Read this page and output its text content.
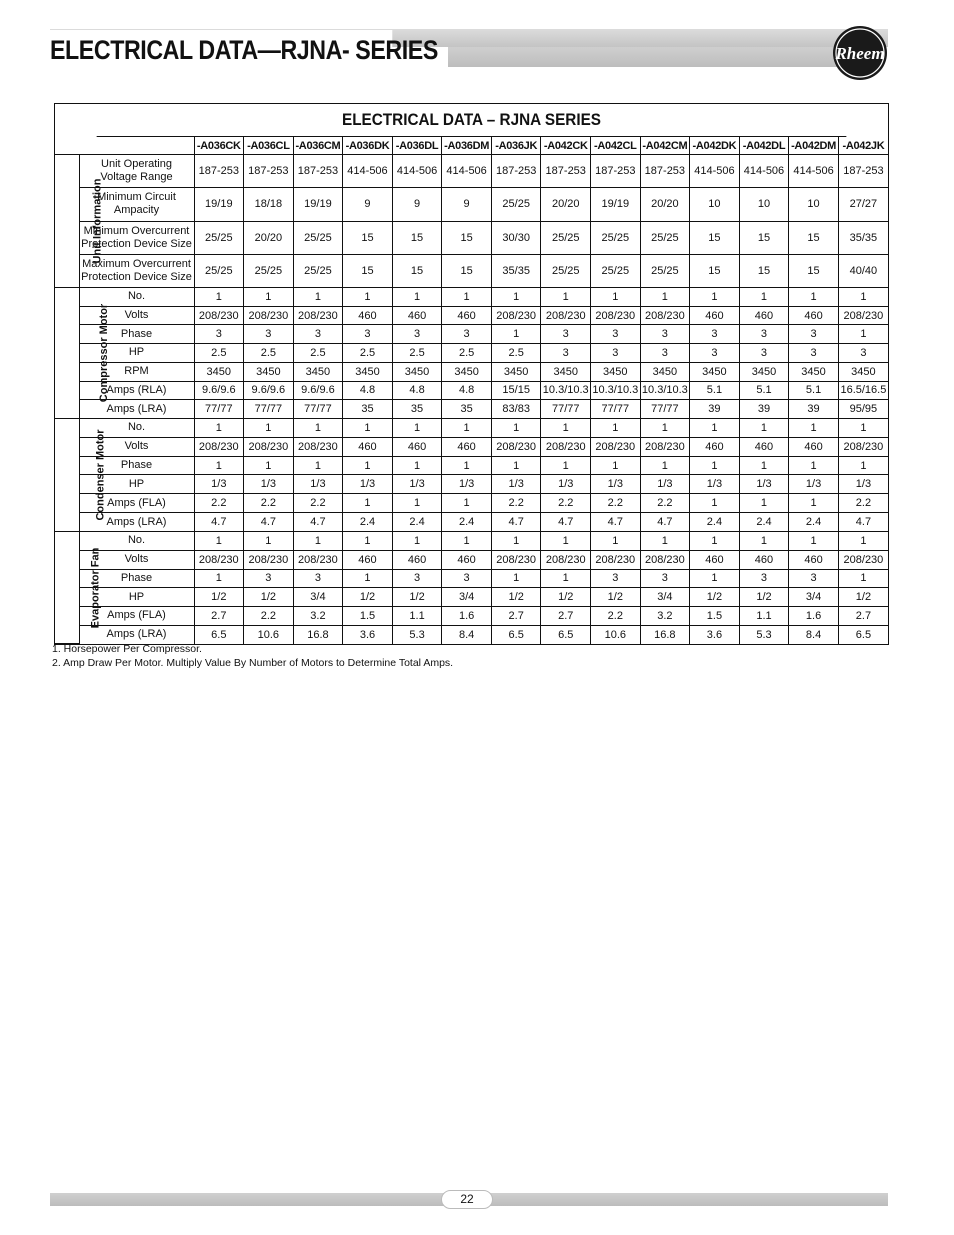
ELECTRICAL DATA—RJNA- SERIES	Rheem
ELECTRICAL DATA – RJNA SERIES
		-A036CK	-A036CL	-A036CM	-A036DK	-A036DL	-A036DM	-A036JK	-A042CK	-A042CL	-A042CM	-A042DK	-A042DL	-A042DM	-A042JK
Unit Information	Unit Operating
Voltage Range	187-253	187-253	187-253	414-506	414-506	414-506	187-253	187-253	187-253	187-253	414-506	414-506	414-506	187-253
	Minimum Circuit
Ampacity	19/19	18/18	19/19	9	9	9	25/25	20/20	19/19	20/20	10	10	10	27/27
	Minimum Overcurrent
Protection Device Size	25/25	20/20	25/25	15	15	15	30/30	25/25	25/25	25/25	15	15	15	35/35
	Maximum Overcurrent
Protection Device Size	25/25	25/25	25/25	15	15	15	35/35	25/25	25/25	25/25	15	15	15	40/40
Compressor Motor	No.	1	1	1	1	1	1	1	1	1	1	1	1	1	1
	Volts	208/230	208/230	208/230	460	460	460	208/230	208/230	208/230	208/230	460	460	460	208/230
	Phase	3	3	3	3	3	3	1	3	3	3	3	3	3	1
	HP	2.5	2.5	2.5	2.5	2.5	2.5	2.5	3	3	3	3	3	3	3
	RPM	3450	3450	3450	3450	3450	3450	3450	3450	3450	3450	3450	3450	3450	3450
	Amps (RLA)	9.6/9.6	9.6/9.6	9.6/9.6	4.8	4.8	4.8	15/15	10.3/10.3	10.3/10.3	10.3/10.3	5.1	5.1	5.1	16.5/16.5
	Amps (LRA)	77/77	77/77	77/77	35	35	35	83/83	77/77	77/77	77/77	39	39	39	95/95
Condenser Motor	No.	1	1	1	1	1	1	1	1	1	1	1	1	1	1
	Volts	208/230	208/230	208/230	460	460	460	208/230	208/230	208/230	208/230	460	460	460	208/230
	Phase	1	1	1	1	1	1	1	1	1	1	1	1	1	1
	HP	1/3	1/3	1/3	1/3	1/3	1/3	1/3	1/3	1/3	1/3	1/3	1/3	1/3	1/3
	Amps (FLA)	2.2	2.2	2.2	1	1	1	2.2	2.2	2.2	2.2	1	1	1	2.2
	Amps (LRA)	4.7	4.7	4.7	2.4	2.4	2.4	4.7	4.7	4.7	4.7	2.4	2.4	2.4	4.7
Evaporator Fan	No.	1	1	1	1	1	1	1	1	1	1	1	1	1	1
	Volts	208/230	208/230	208/230	460	460	460	208/230	208/230	208/230	208/230	460	460	460	208/230
	Phase	1	3	3	1	3	3	1	1	3	3	1	3	3	1
	HP	1/2	1/2	3/4	1/2	1/2	3/4	1/2	1/2	1/2	3/4	1/2	1/2	3/4	1/2
	Amps (FLA)	2.7	2.2	3.2	1.5	1.1	1.6	2.7	2.7	2.2	3.2	1.5	1.1	1.6	2.7
	Amps (LRA)	6.5	10.6	16.8	3.6	5.3	8.4	6.5	6.5	10.6	16.8	3.6	5.3	8.4	6.5
1. Horsepower Per Compressor.
2. Amp Draw Per Motor. Multiply Value By Number of Motors to Determine Total Amps.
22
